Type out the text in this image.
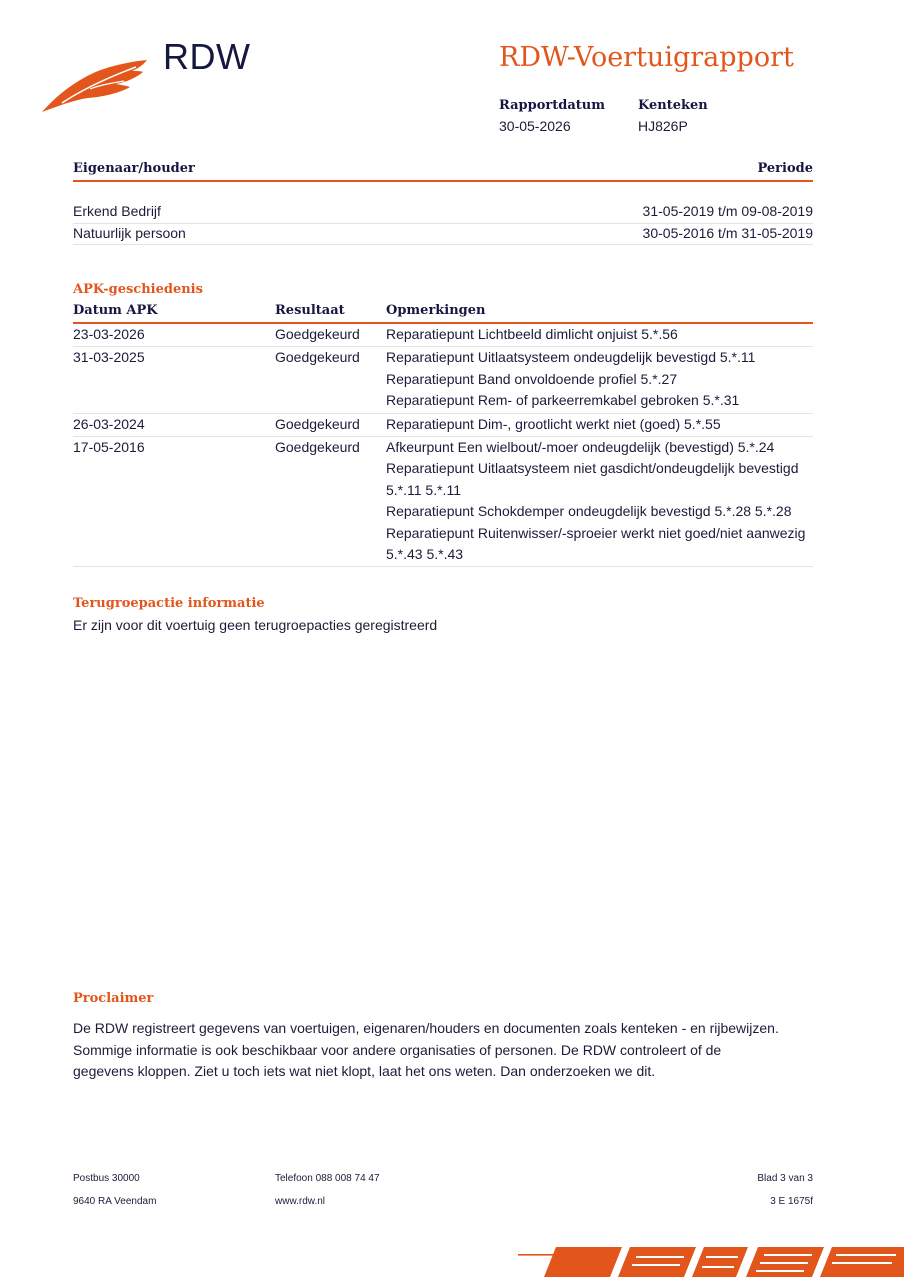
RDW	RDW-Voertuigrapport
Rapportdatum
30-05-2026
Kenteken
HJ826P
Eigenaar/houder	Periode
Erkend Bedrijf	31-05-2019 t/m 09-08-2019
Natuurlijk persoon	30-05-2016 t/m 31-05-2019
APK-geschiedenis
Datum APK	Resultaat	Opmerkingen
23-03-2026	Goedgekeurd Reparatiepunt Lichtbeeld dimlicht onjuist 5.*.56
31-03-2025	Goedgekeurd Reparatiepunt Uitlaatsysteem ondeugdelijk bevestigd 5.*.11
Reparatiepunt Band onvoldoende profiel 5.*.27
Reparatiepunt Rem- of parkeerremkabel gebroken 5.*.31
26-03-2024	Goedgekeurd Reparatiepunt Dim-, grootlicht werkt niet (goed) 5.*.55
17-05-2016	Goedgekeurd Afkeurpunt Een wielbout/-moer ondeugdelijk (bevestigd) 5.*.24
Reparatiepunt Uitlaatsysteem niet gasdicht/ondeugdelijk bevestigd 5.*.11 5.*.11
Reparatiepunt Schokdemper ondeugdelijk bevestigd 5.*.28 5.*.28
Reparatiepunt Ruitenwisser/-sproeier werkt niet goed/niet aanwezig 5.*.43 5.*.43
Terugroepactie informatie
Er zijn voor dit voertuig geen terugroepacties geregistreerd
Proclaimer
De RDW registreert gegevens van voertuigen, eigenaren/houders en documenten zoals kenteken - en rijbewijzen. Sommige informatie is ook beschikbaar voor andere organisaties of personen. De RDW controleert of de gegevens kloppen. Ziet u toch iets wat niet klopt, laat het ons weten. Dan onderzoeken we dit.
Postbus 30000
9640 RA Veendam
Telefoon 088 008 74 47
www.rdw.nl
Blad 3 van 3
3 E 1675f
